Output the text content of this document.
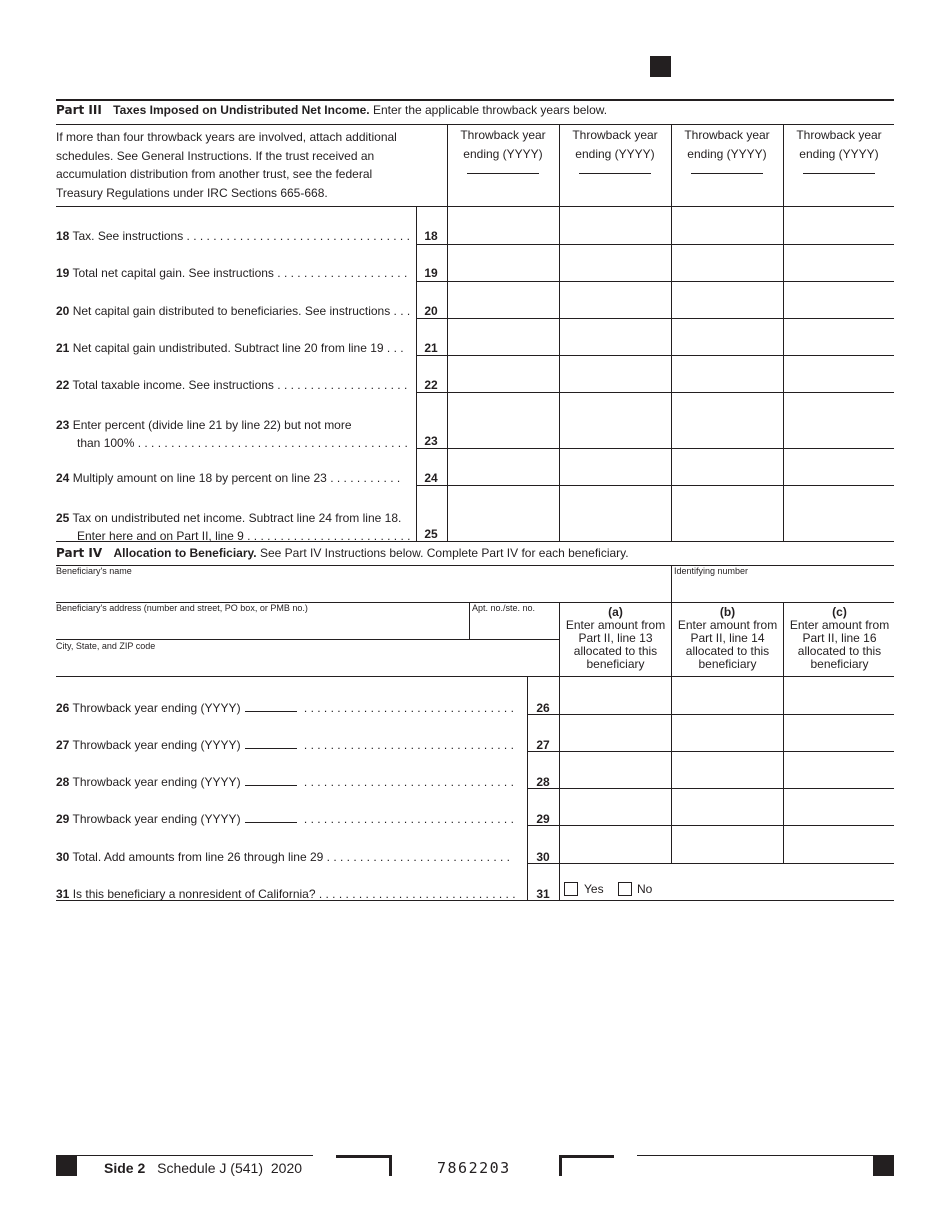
Part III Taxes Imposed on Undistributed Net Income. Enter the applicable throwback years below.
If more than four throwback years are involved, attach additional
schedules. See General Instructions. If the trust received an
accumulation distribution from another trust, see the federal
Treasury Regulations under IRC Sections 665-668.
Throwback year
ending (YYYY)
Throwback year
ending (YYYY)
Throwback year
ending (YYYY)
Throwback year
ending (YYYY)
18 Tax. See instructions . . . . . . . . . . . . . . . . . . . . . . . . . . . . . . . . . .	18
19 Total net capital gain. See instructions . . . . . . . . . . . . . . . . . . . .	19
20 Net capital gain distributed to beneficiaries. See instructions . . .	20
21 Net capital gain undistributed. Subtract line 20 from line 19 . . .	21
22 Total taxable income. See instructions . . . . . . . . . . . . . . . . . . . .	22
23 Enter percent (divide line 21 by line 22) but not more
than 100% . . . . . . . . . . . . . . . . . . . . . . . . . . . . . . . . . . . . . . . . .	23
24 Multiply amount on line 18 by percent on line 23 . . . . . . . . . . .	24
25 Tax on undistributed net income. Subtract line 24 from line 18.
Enter here and on Part II, line 9 . . . . . . . . . . . . . . . . . . . . . . . . .	25
Part IV Allocation to Beneficiary. See Part IV Instructions below. Complete Part IV for each beneficiary.
Beneficiary's name	Identifying number
Beneficiary's address (number and street, PO box, or PMB no.)	Apt. no./ste. no.
City, State, and ZIP code
(a)
Enter amount from
Part II, line 13
allocated to this
beneficiary
(b)
Enter amount from
Part II, line 14
allocated to this
beneficiary
(c)
Enter amount from
Part II, line 16
allocated to this
beneficiary
26 Throwback year ending (YYYY)	. . . . . . . . . . . . . . . . . . . . . . . . . . . . . . . .	26
27 Throwback year ending (YYYY)	. . . . . . . . . . . . . . . . . . . . . . . . . . . . . . . .	27
28 Throwback year ending (YYYY)	. . . . . . . . . . . . . . . . . . . . . . . . . . . . . . . .	28
29 Throwback year ending (YYYY)	. . . . . . . . . . . . . . . . . . . . . . . . . . . . . . . .	29
30 Total. Add amounts from line 26 through line 29 . . . . . . . . . . . . . . . . . . . . . . . . . . . .	30
31 Is this beneficiary a nonresident of California? . . . . . . . . . . . . . . . . . . . . . . . . . . . . . .	31	Yes	No
Side 2 Schedule J (541) 2020	7862203
